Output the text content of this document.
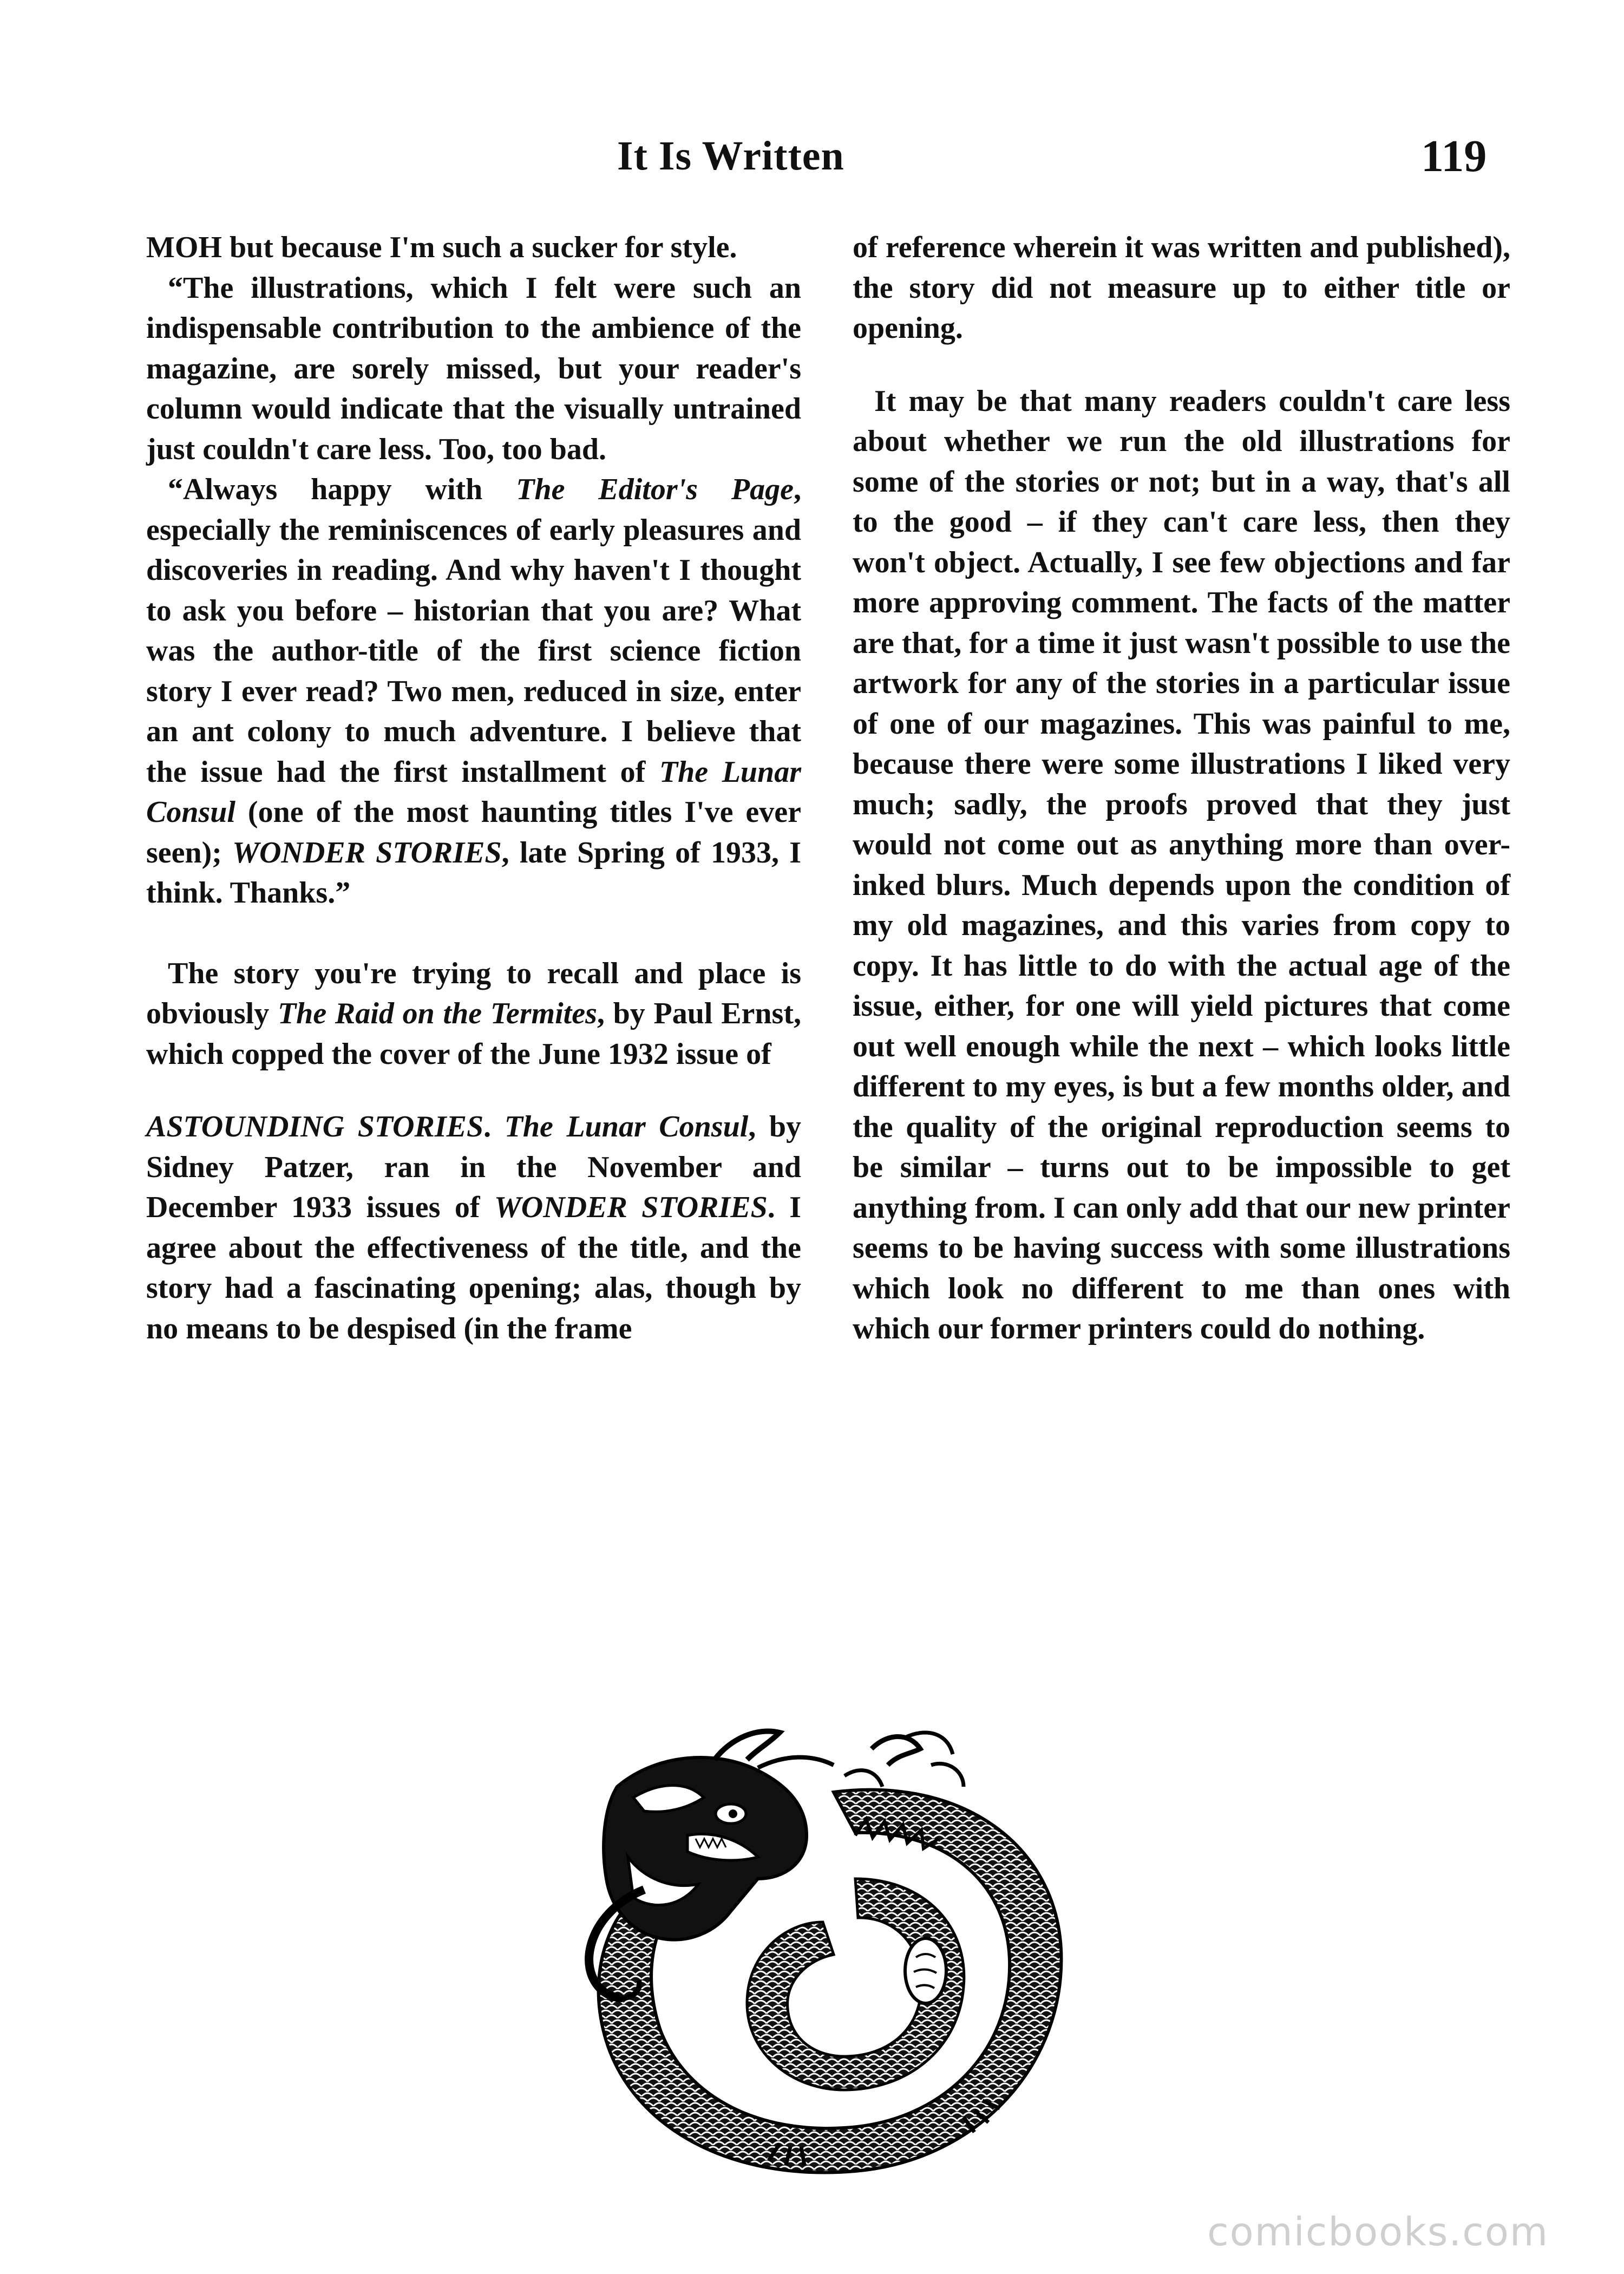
It Is Written	119

MOH but because I'm such a sucker for style.

“The illustrations, which I felt were such an indispensable contribution to the ambience of the magazine, are sorely missed, but your reader's column would indicate that the visually untrained just couldn't care less. Too, too bad.

“Always happy with The Editor's Page, especially the reminiscences of early pleasures and discoveries in reading. And why haven't I thought to ask you before – historian that you are? What was the author-title of the first science fiction story I ever read? Two men, reduced in size, enter an ant colony to much adventure. I believe that the issue had the first installment of The Lunar Consul (one of the most haunting titles I've ever seen); WONDER STORIES, late Spring of 1933, I think. Thanks.”

The story you're trying to recall and place is obviously The Raid on the Termites, by Paul Ernst, which copped the cover of the June 1932 issue of

ASTOUNDING STORIES. The Lunar Consul, by Sidney Patzer, ran in the November and December 1933 issues of WONDER STORIES. I agree about the effectiveness of the title, and the story had a fascinating opening; alas, though by no means to be despised (in the frame

of reference wherein it was written and published), the story did not measure up to either title or opening.

It may be that many readers couldn't care less about whether we run the old illustrations for some of the stories or not; but in a way, that's all to the good – if they can't care less, then they won't object. Actually, I see few objections and far more approving comment. The facts of the matter are that, for a time it just wasn't possible to use the artwork for any of the stories in a particular issue of one of our magazines. This was painful to me, because there were some illustrations I liked very much; sadly, the proofs proved that they just would not come out as anything more than over-inked blurs. Much depends upon the condition of my old magazines, and this varies from copy to copy. It has little to do with the actual age of the issue, either, for one will yield pictures that come out well enough while the next – which looks little different to my eyes, is but a few months older, and the quality of the original reproduction seems to be similar – turns out to be impossible to get anything from. I can only add that our new printer seems to be having success with some illustrations which look no different to me than ones with which our former printers could do nothing.

comicbooks.com
